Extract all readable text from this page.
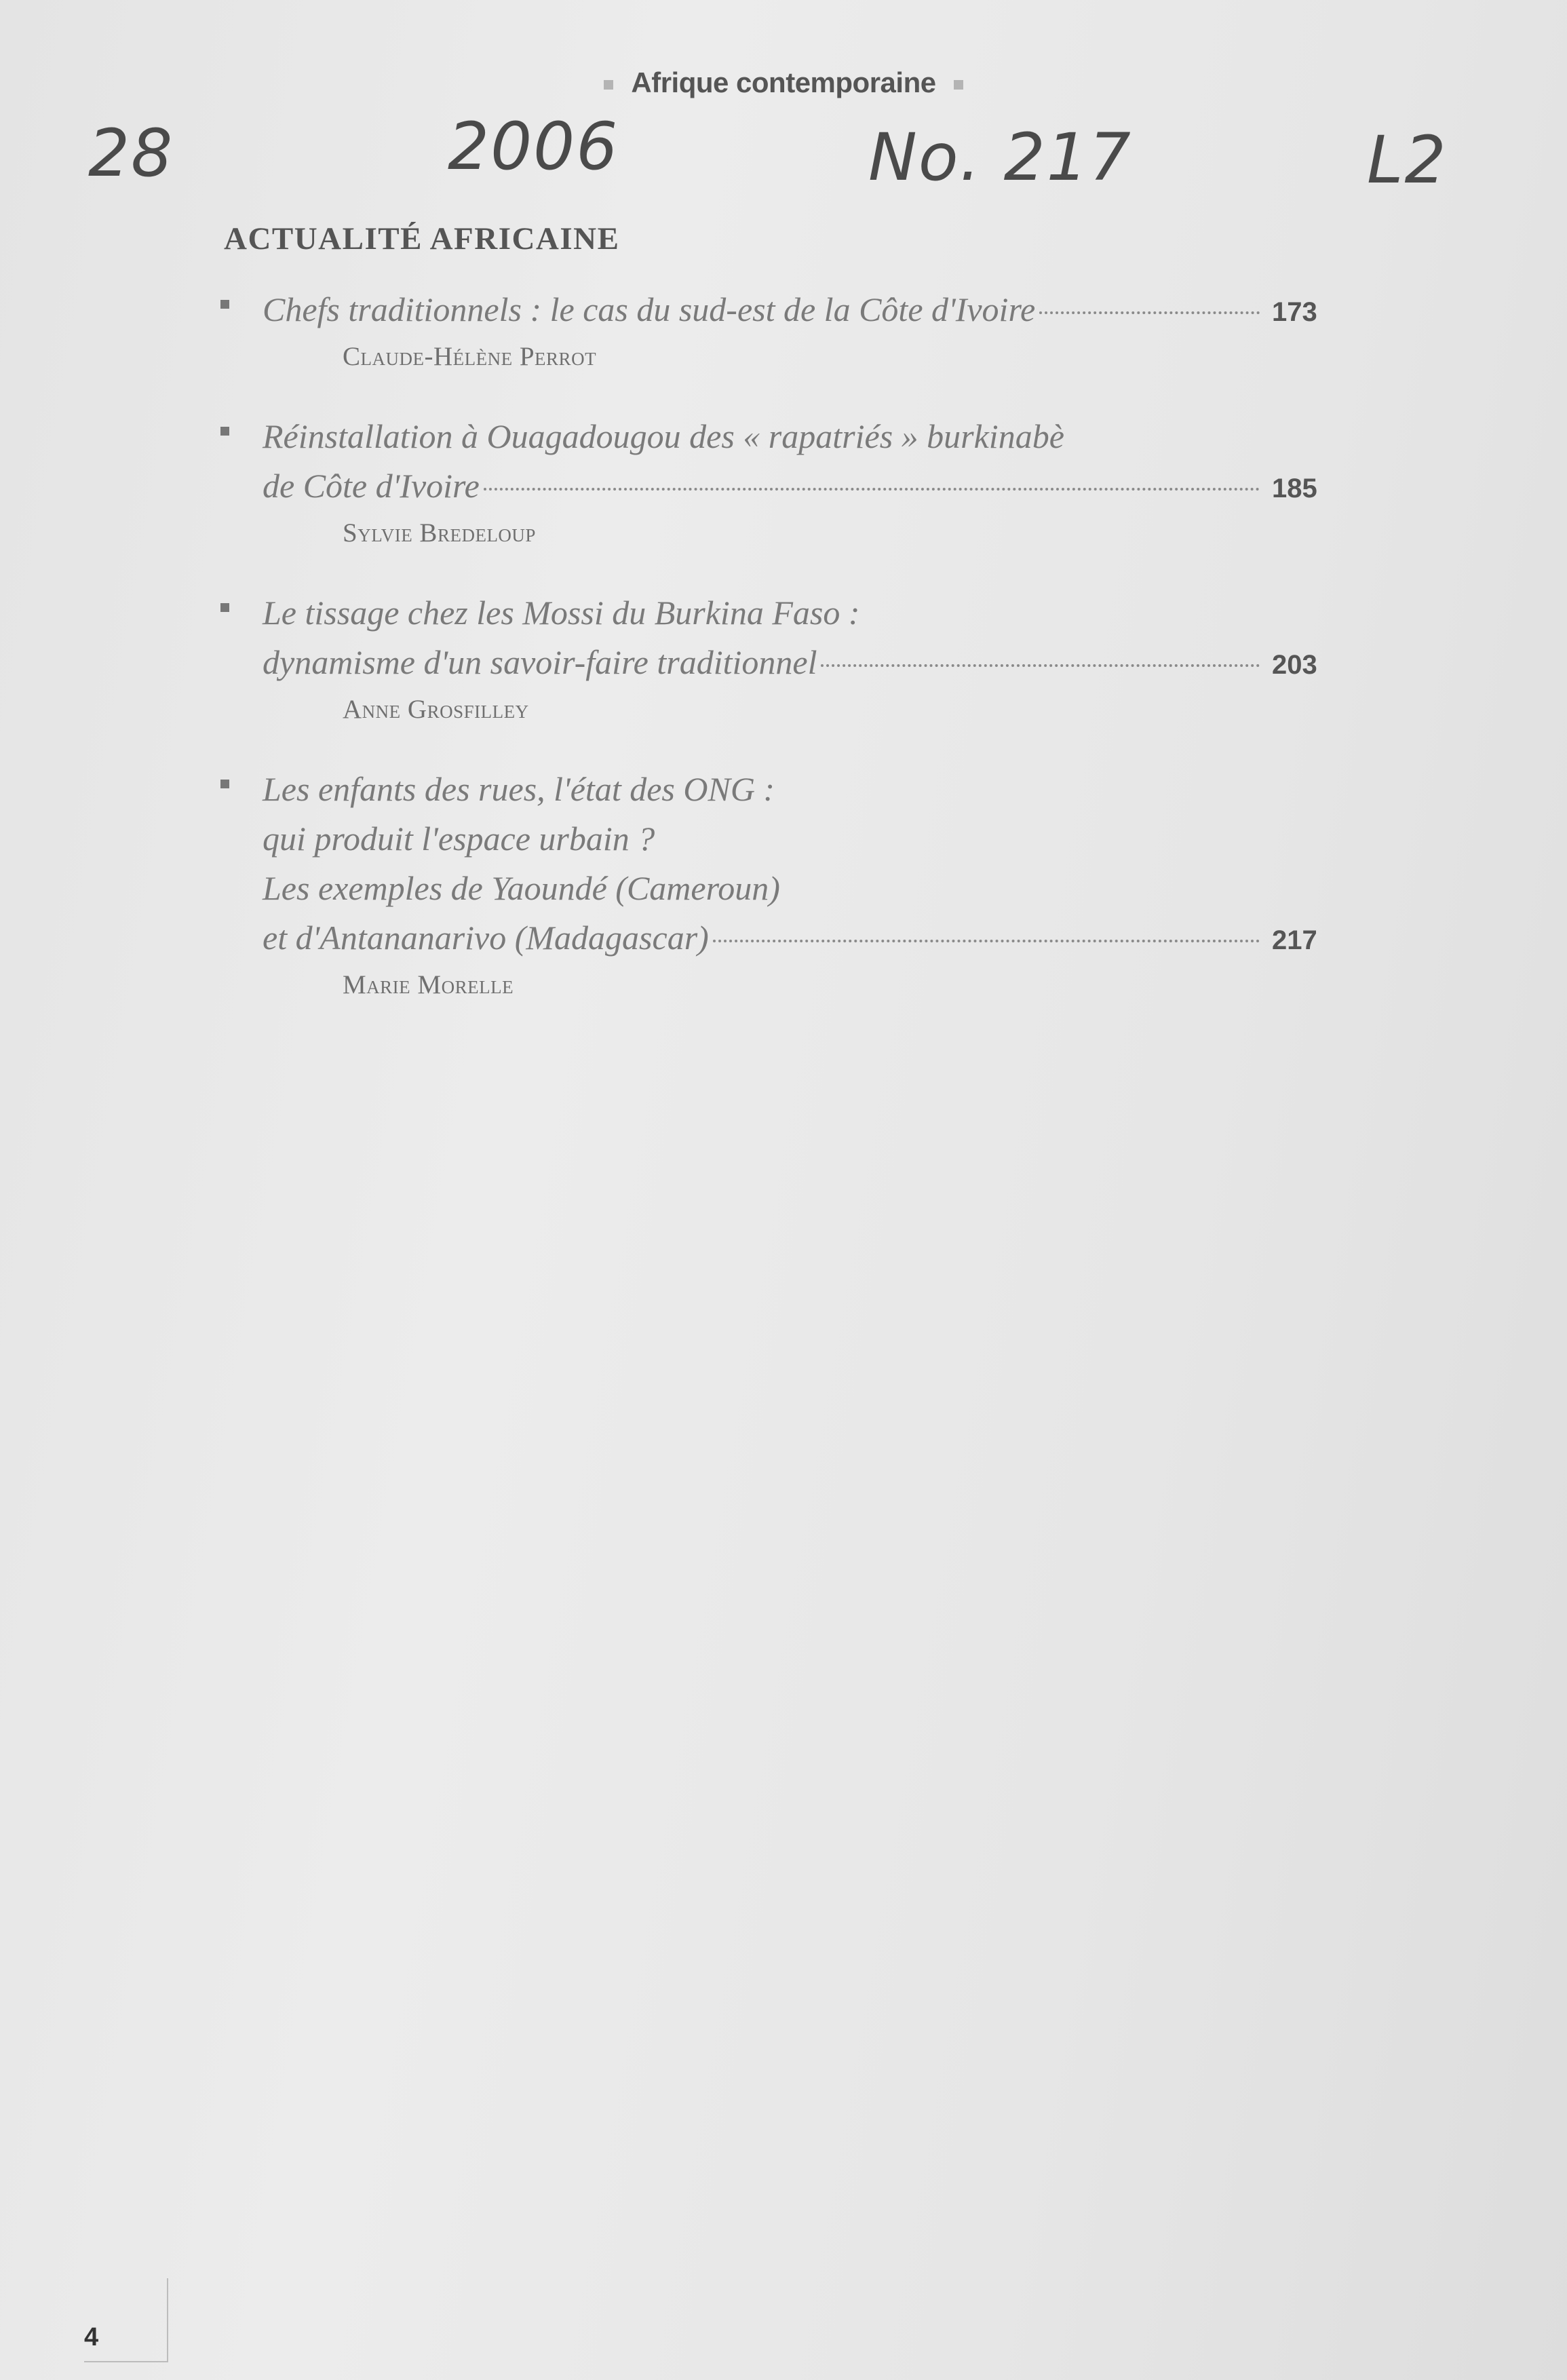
Afrique contemporaine
28	2006	No. 217	L2
ACTUALITÉ AFRICAINE
Chefs traditionnels : le cas du sud-est de la Côte d'Ivoire	173
Claude-Hélène Perrot
Réinstallation à Ouagadougou des « rapatriés » burkinabè
de Côte d'Ivoire	185
Sylvie Bredeloup
Le tissage chez les Mossi du Burkina Faso :
dynamisme d'un savoir-faire traditionnel	203
Anne Grosfilley
Les enfants des rues, l'état des ONG :
qui produit l'espace urbain ?
Les exemples de Yaoundé (Cameroun)
et d'Antananarivo (Madagascar)	217
Marie Morelle
4
